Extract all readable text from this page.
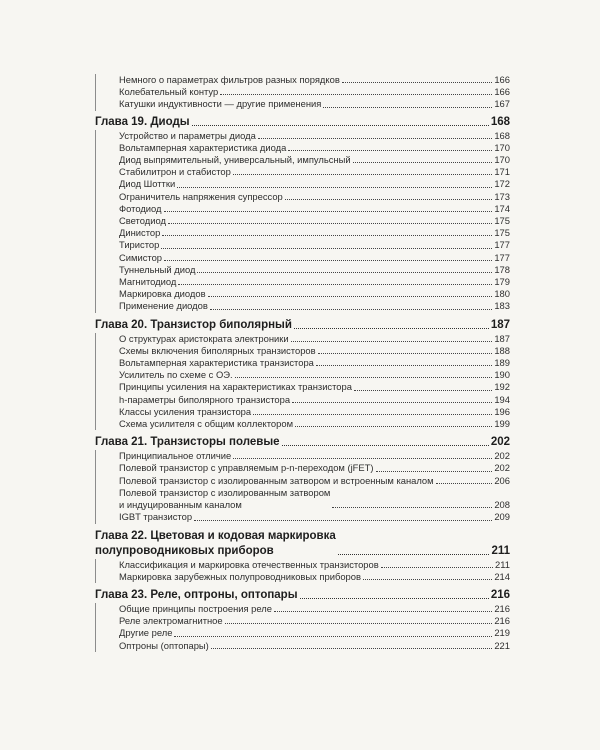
Немного о параметрах фильтров разных порядков	166
Колебательный контур	166
Катушки индуктивности — другие применения	167
Глава 19. Диоды	168
Устройство и параметры диода	168
Вольтамперная характеристика диода	170
Диод выпрямительный, универсальный, импульсный	170
Стабилитрон и стабистор	171
Диод Шоттки	172
Ограничитель напряжения супрессор	173
Фотодиод	174
Светодиод	175
Динистор	175
Тиристор	177
Симистор	177
Туннельный диод	178
Магнитодиод	179
Маркировка диодов	180
Применение диодов	183
Глава 20. Транзистор биполярный	187
О структурах аристократа электроники	187
Схемы включения биполярных транзисторов	188
Вольтамперная характеристика транзистора	189
Усилитель по схеме с ОЭ.	190
Принципы усиления на характеристиках транзистора	192
h-параметры биполярного транзистора	194
Классы усиления транзистора	196
Схема усилителя с общим коллектором	199
Глава 21. Транзисторы полевые	202
Принципиальное отличие	202
Полевой транзистор с управляемым p-n-переходом (jFET)	202
Полевой транзистор с изолированным затвором и встроенным каналом	206
Полевой транзистор с изолированным затвором
и индуцированным каналом	208
IGBT транзистор	209
Глава 22. Цветовая и кодовая маркировка
полупроводниковых приборов	211
Классификация и маркировка отечественных транзисторов	211
Маркировка зарубежных полупроводниковых приборов	214
Глава 23. Реле, оптроны, оптопары	216
Общие принципы построения реле	216
Реле электромагнитное	216
Другие реле	219
Оптроны (оптопары)	221
